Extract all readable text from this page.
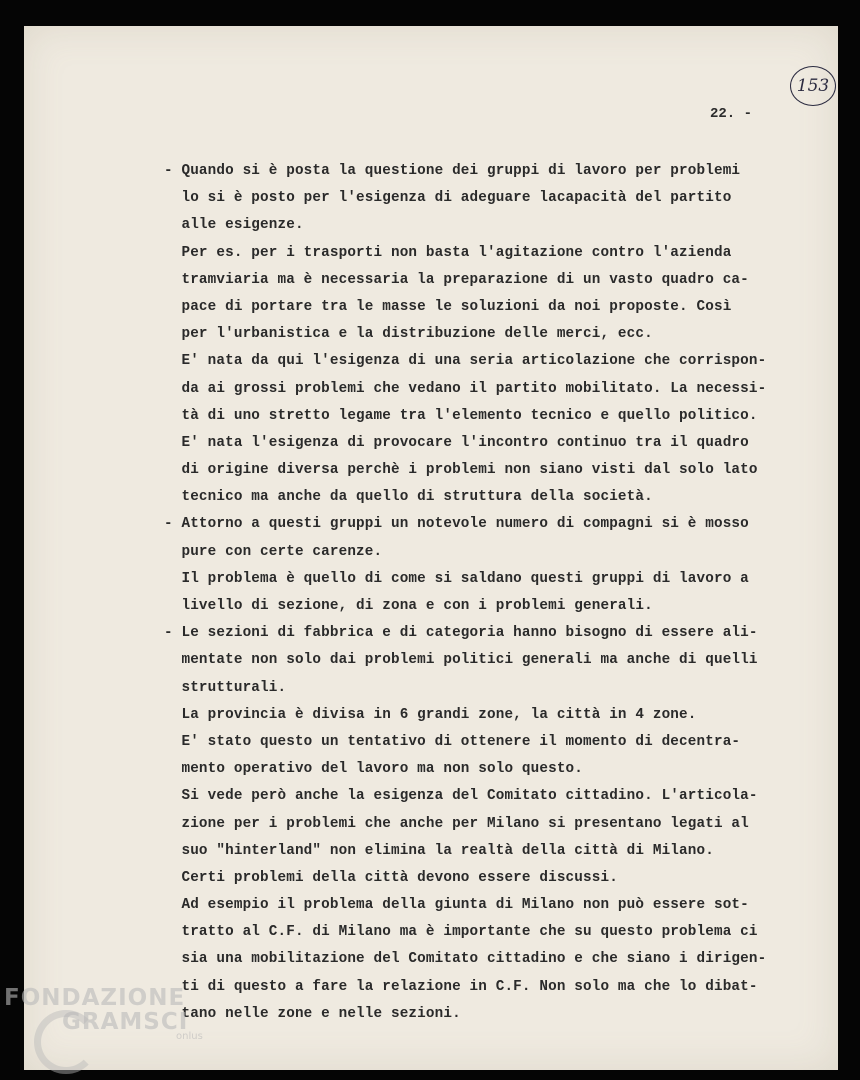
153
22. -
- Quando si è posta la questione dei gruppi di lavoro per problemi
lo si è posto per l'esigenza di adeguare lacapacità del partito
alle esigenze.
Per es. per i trasporti non basta l'agitazione contro l'azienda
tramviaria ma è necessaria la preparazione di un vasto quadro ca-
pace di portare tra le masse le soluzioni da noi proposte. Così
per l'urbanistica e la distribuzione delle merci, ecc.
E' nata da qui l'esigenza di una seria articolazione che corrispon-
da ai grossi problemi che vedano il partito mobilitato. La necessi-
tà di uno stretto legame tra l'elemento tecnico e quello politico.
E' nata l'esigenza di provocare l'incontro continuo tra il quadro
di origine diversa perchè i problemi non siano visti dal solo lato
tecnico ma anche da quello di struttura della società.
- Attorno a questi gruppi un notevole numero di compagni si è mosso
pure con certe carenze.
Il problema è quello di come si saldano questi gruppi di lavoro a
livello di sezione, di zona e con i problemi generali.
- Le sezioni di fabbrica e di categoria hanno bisogno di essere ali-
mentate non solo dai problemi politici generali ma anche di quelli
strutturali.
La provincia è divisa in 6 grandi zone, la città in 4 zone.
E' stato questo un tentativo di ottenere il momento di decentra-
mento operativo del lavoro ma non solo questo.
Si vede però anche la esigenza del Comitato cittadino. L'articola-
zione per i problemi che anche per Milano si presentano legati al
suo "hinterland" non elimina la realtà della città di Milano.
Certi problemi della città devono essere discussi.
Ad esempio il problema della giunta di Milano non può essere sot-
tratto al C.F. di Milano ma è importante che su questo problema ci
sia una mobilitazione del Comitato cittadino e che siano i dirigen-
ti di questo a fare la relazione in C.F. Non solo ma che lo dibat-
tano nelle zone e nelle sezioni.
FONDAZIONE
GRAMSCI
onlus
